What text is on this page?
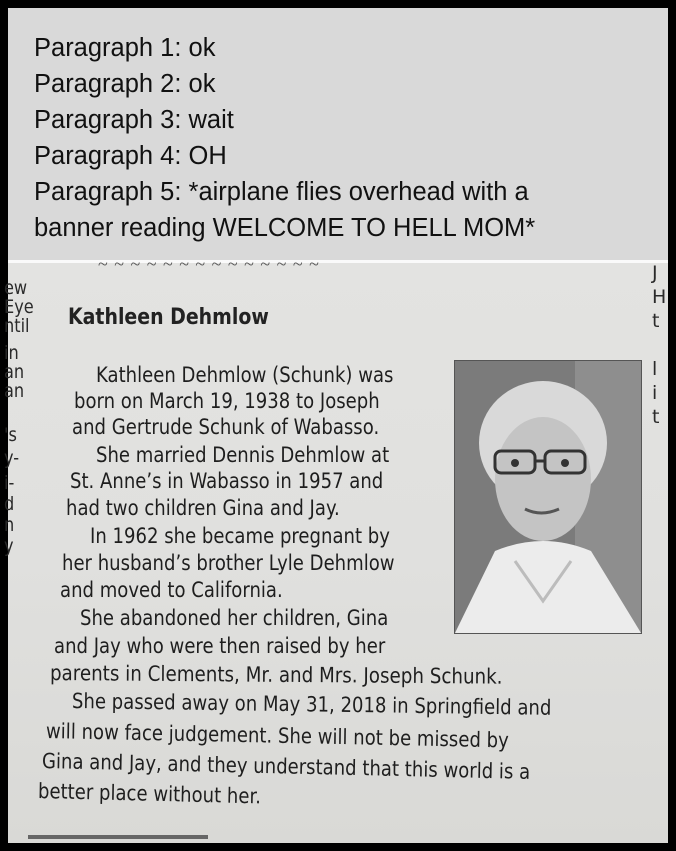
Paragraph 1: ok
Paragraph 2: ok
Paragraph 3: wait
Paragraph 4: OH
Paragraph 5: *airplane flies overhead with a
banner reading WELCOME TO HELL MOM*
~ ~ ~ ~ ~ ~ ~ ~ ~ ~ ~ ~ ~ ~
ew
Eye
ntil
in
an
an
's
y-
i-
d
n
y
J
H
t
l
i
t
Kathleen Dehmlow
Kathleen Dehmlow (Schunk) was
born on March 19, 1938 to Joseph
and Gertrude Schunk of Wabasso.
She married Dennis Dehmlow at
St. Anne’s in Wabasso in 1957 and
had two children Gina and Jay.
In 1962 she became pregnant by
her husband’s brother Lyle Dehmlow
and moved to California.
She abandoned her children, Gina
and Jay who were then raised by her
parents in Clements, Mr. and Mrs. Joseph Schunk.
She passed away on May 31, 2018 in Springfield and
will now face judgement. She will not be missed by
Gina and Jay, and they understand that this world is a
better place without her.
